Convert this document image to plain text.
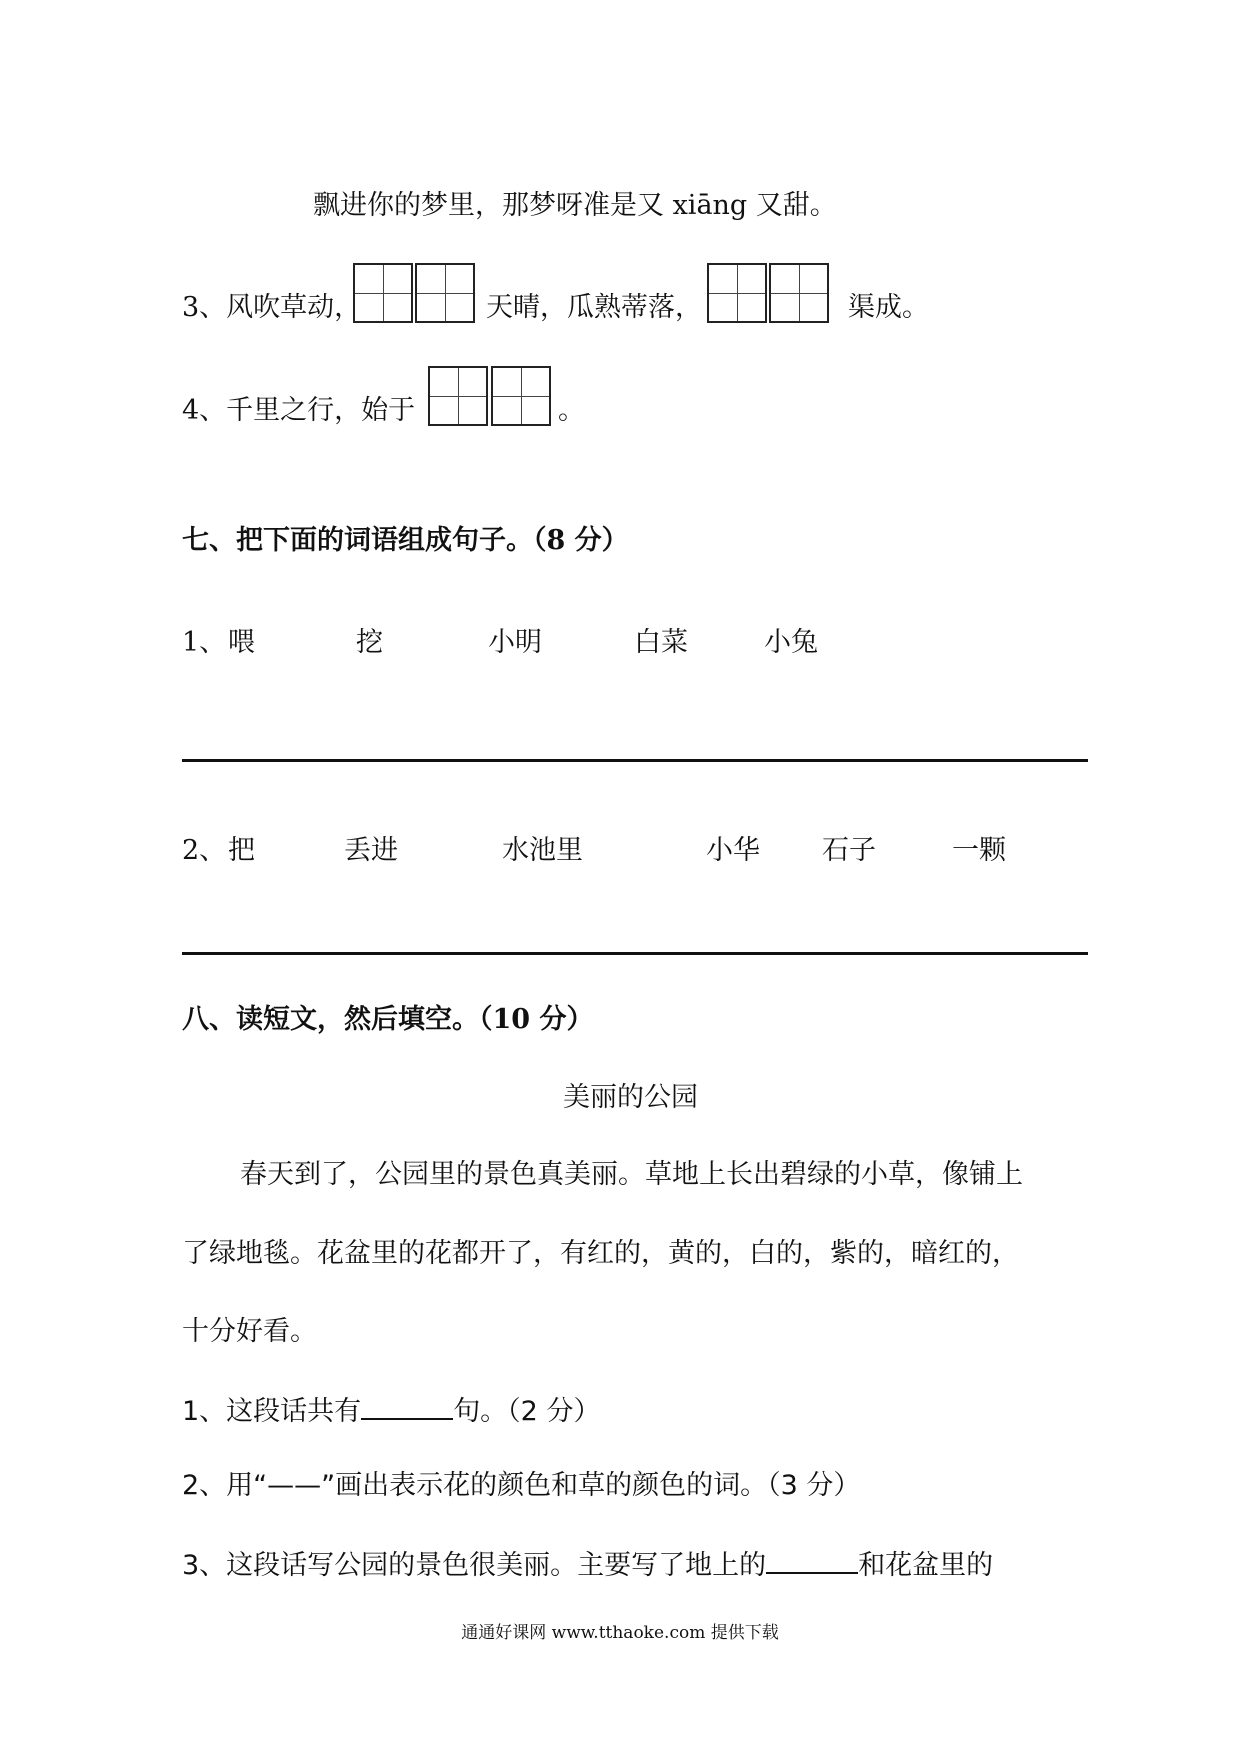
飘进你的梦里，那梦呀准是又 xiāng 又甜。
3、风吹草动，	天晴，瓜熟蒂落，	渠成。
4、千里之行，始于	。
七、把下面的词语组成句子。（8 分）
1、 喂	挖	小明	白菜	小兔
2、 把	丢进	水池里	小华 石子	一颗
八、读短文，然后填空。（10 分）
美丽的公园
春天到了，公园里的景色真美丽。草地上长出碧绿的小草，像铺上
了绿地毯。花盆里的花都开了，有红的，黄的，白的，紫的，暗红的，
十分好看。
1、这段话共有	句。（2 分）
2、用“——”画出表示花的颜色和草的颜色的词。（3 分）
3、这段话写公园的景色很美丽。主要写了地上的	和花盆里的
通通好课网 www.tthaoke.com 提供下载
